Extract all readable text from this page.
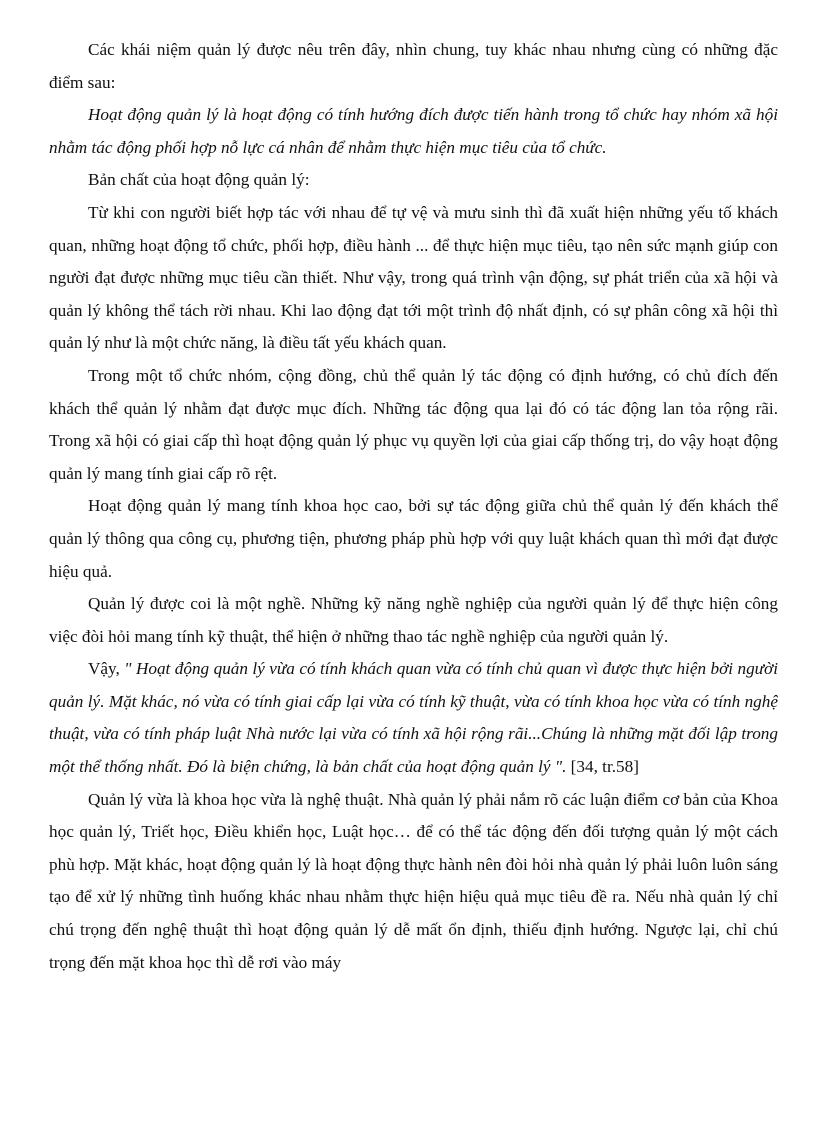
Các khái niệm quản lý được nêu trên đây, nhìn chung, tuy khác nhau nhưng cùng có những đặc điểm sau:

Hoạt động quản lý là hoạt động có tính hướng đích được tiến hành trong tổ chức hay nhóm xã hội nhằm tác động phối hợp nỗ lực cá nhân để nhằm thực hiện mục tiêu của tổ chức.

Bản chất của hoạt động quản lý:

Từ khi con người biết hợp tác với nhau để tự vệ và mưu sinh thì đã xuất hiện những yếu tố khách quan, những hoạt động tổ chức, phối hợp, điều hành ... để thực hiện mục tiêu, tạo nên sức mạnh giúp con người đạt được những mục tiêu cần thiết. Như vậy, trong quá trình vận động, sự phát triển của xã hội và quản lý không thể tách rời nhau. Khi lao động đạt tới một trình độ nhất định, có sự phân công xã hội thì quản lý như là một chức năng, là điều tất yếu khách quan.

Trong một tổ chức nhóm, cộng đồng, chủ thể quản lý tác động có định hướng, có chủ đích đến khách thể quản lý nhằm đạt được mục đích. Những tác động qua lại đó có tác động lan tỏa rộng rãi. Trong xã hội có giai cấp thì hoạt động quản lý phục vụ quyền lợi của giai cấp thống trị, do vậy hoạt động quản lý mang tính giai cấp rõ rệt.

Hoạt động quản lý mang tính khoa học cao, bởi sự tác động giữa chủ thể quản lý đến khách thể quản lý thông qua công cụ, phương tiện, phương pháp phù hợp với quy luật khách quan thì mới đạt được hiệu quả.

Quản lý được coi là một nghề. Những kỹ năng nghề nghiệp của người quản lý để thực hiện công việc đòi hỏi mang tính kỹ thuật, thể hiện ở những thao tác nghề nghiệp của người quản lý.

Vậy, " Hoạt động quản lý vừa có tính khách quan vừa có tính chủ quan vì được thực hiện bởi người quản lý. Mặt khác, nó vừa có tính giai cấp lại vừa có tính kỹ thuật, vừa có tính khoa học vừa có tính nghệ thuật, vừa có tính pháp luật Nhà nước lại vừa có tính xã hội rộng rãi...Chúng là những mặt đối lập trong một thể thống nhất. Đó là biện chứng, là bản chất của hoạt động quản lý ". [34, tr.58]

Quản lý vừa là khoa học vừa là nghệ thuật. Nhà quản lý phải nắm rõ các luận điểm cơ bản của Khoa học quản lý, Triết học, Điều khiển học, Luật học… để có thể tác động đến đối tượng quản lý một cách phù hợp. Mặt khác, hoạt động quản lý là hoạt động thực hành nên đòi hỏi nhà quản lý phải luôn luôn sáng tạo để xử lý những tình huống khác nhau nhằm thực hiện hiệu quả mục tiêu đề ra. Nếu nhà quản lý chỉ chú trọng đến nghệ thuật thì hoạt động quản lý dễ mất ổn định, thiếu định hướng. Ngược lại, chỉ chú trọng đến mặt khoa học thì dễ rơi vào máy
